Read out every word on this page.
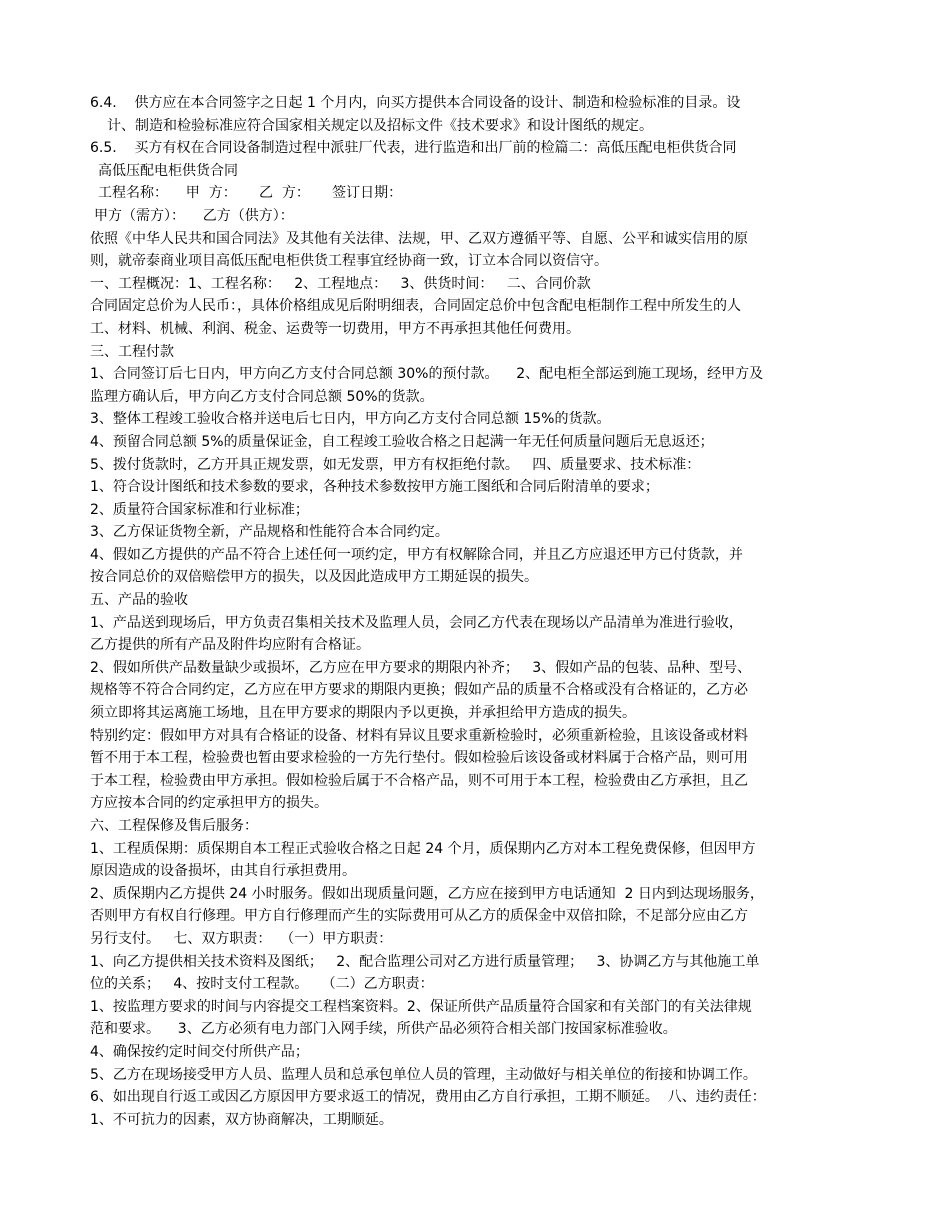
6.4.    供方应在本合同签字之日起 1 个月内，向买方提供本合同设备的设计、制造和检验标准的目录。设
计、制造和检验标准应符合国家相关规定以及招标文件《技术要求》和设计图纸的规定。
6.5.    买方有权在合同设备制造过程中派驻厂代表，进行监造和出厂前的检篇二：高低压配电柜供货合同
高低压配电柜供货合同
工程名称：    甲  方：     乙  方：     签订日期：
甲方（需方）：    乙方（供方）：
依照《中华人民共和国合同法》及其他有关法律、法规，甲、乙双方遵循平等、自愿、公平和诚实信用的原
则，就帝泰商业项目高低压配电柜供货工程事宜经协商一致，订立本合同以资信守。
一、工程概况：1、工程名称：   2、工程地点：   3、供货时间：   二、合同价款
合同固定总价为人民币：，具体价格组成见后附明细表，合同固定总价中包含配电柜制作工程中所发生的人
工、材料、机械、利润、税金、运费等一切费用，甲方不再承担其他任何费用。
三、工程付款
1、合同签订后七日内，甲方向乙方支付合同总额 30%的预付款。    2、配电柜全部运到施工现场，经甲方及
监理方确认后，甲方向乙方支付合同总额 50%的货款。
3、整体工程竣工验收合格并送电后七日内，甲方向乙方支付合同总额 15%的货款。
4、预留合同总额 5%的质量保证金，自工程竣工验收合格之日起满一年无任何质量问题后无息返还；
5、拨付货款时，乙方开具正规发票，如无发票，甲方有权拒绝付款。   四、质量要求、技术标准：
1、符合设计图纸和技术参数的要求，各种技术参数按甲方施工图纸和合同后附清单的要求；
2、质量符合国家标准和行业标准；
3、乙方保证货物全新，产品规格和性能符合本合同约定。
4、假如乙方提供的产品不符合上述任何一项约定，甲方有权解除合同，并且乙方应退还甲方已付货款，并
按合同总价的双倍赔偿甲方的损失，以及因此造成甲方工期延误的损失。
五、产品的验收
1、产品送到现场后，甲方负责召集相关技术及监理人员，会同乙方代表在现场以产品清单为准进行验收，
乙方提供的所有产品及附件均应附有合格证。
2、假如所供产品数量缺少或损坏，乙方应在甲方要求的期限内补齐；   3、假如产品的包装、品种、型号、
规格等不符合合同约定，乙方应在甲方要求的期限内更换；假如产品的质量不合格或没有合格证的，乙方必
须立即将其运离施工场地，且在甲方要求的期限内予以更换，并承担给甲方造成的损失。
特别约定：假如甲方对具有合格证的设备、材料有异议且要求重新检验时，必须重新检验，且该设备或材料
暂不用于本工程，检验费也暂由要求检验的一方先行垫付。假如检验后该设备或材料属于合格产品，则可用
于本工程，检验费由甲方承担。假如检验后属于不合格产品，则不可用于本工程，检验费由乙方承担，且乙
方应按本合同的约定承担甲方的损失。
六、工程保修及售后服务：
1、工程质保期：质保期自本工程正式验收合格之日起 24 个月，质保期内乙方对本工程免费保修，但因甲方
原因造成的设备损坏，由其自行承担费用。
2、质保期内乙方提供 24 小时服务。假如出现质量问题，乙方应在接到甲方电话通知  2 日内到达现场服务，
否则甲方有权自行修理。甲方自行修理而产生的实际费用可从乙方的质保金中双倍扣除，不足部分应由乙方
另行支付。   七、双方职责：  （一）甲方职责：
1、向乙方提供相关技术资料及图纸；   2、配合监理公司对乙方进行质量管理；   3、协调乙方与其他施工单
位的关系；   4、按时支付工程款。   （二）乙方职责：
1、按监理方要求的时间与内容提交工程档案资料。2、保证所供产品质量符合国家和有关部门的有关法律规
范和要求。    3、乙方必须有电力部门入网手续，所供产品必须符合相关部门按国家标准验收。
4、确保按约定时间交付所供产品；
5、乙方在现场接受甲方人员、监理人员和总承包单位人员的管理，主动做好与相关单位的衔接和协调工作。
6、如出现自行返工或因乙方原因甲方要求返工的情况，费用由乙方自行承担，工期不顺延。  八、违约责任：
1、不可抗力的因素，双方协商解决，工期顺延。
